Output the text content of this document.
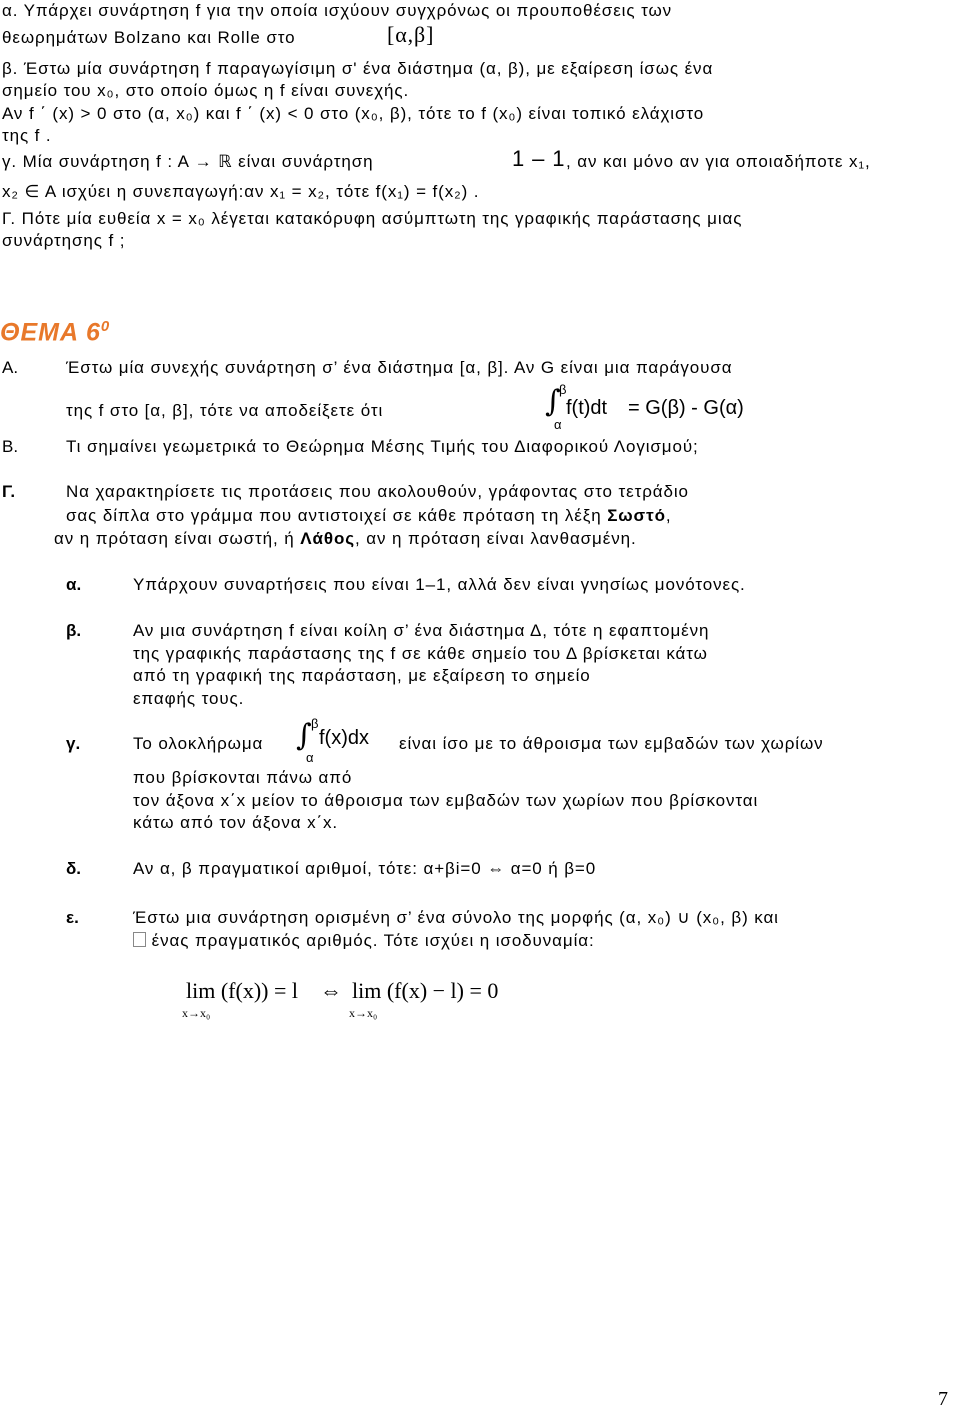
α. Υπάρχει συνάρτηση f για την οποία ισχύουν συγχρόνως οι προυποθέσεις των
θεωρημάτων Bolzano και Rolle στο	[α,β]
β. Έστω μία συνάρτηση f παραγωγίσιμη σ' ένα διάστημα (α, β), με εξαίρεση ίσως ένα
σημείο του x₀, στο οποίο όμως η f είναι συνεχής.
Αν f ΄ (x) > 0 στο (α, x₀) και f ΄ (x) < 0 στο (x₀, β), τότε το f (x₀) είναι τοπικό ελάχιστο
της f .
γ. Μία συνάρτηση f : A → ℝ είναι συνάρτηση	1 – 1 , αν και μόνο αν για οποιαδήποτε x₁,
x₂ ∈ A ισχύει η συνεπαγωγή:αν x₁ = x₂, τότε f(x₁) = f(x₂) .
Γ. Πότε μία ευθεία x = x₀ λέγεται κατακόρυφη ασύμπτωτη της γραφικής παράστασης μιας
συνάρτησης f ;
ΘΕΜΑ $6^0$
Α.	Έστω μία συνεχής συνάρτηση σ’ ένα διάστημα [α, β]. Αν G είναι μια παράγουσα
της f στο [α, β], τότε να αποδείξετε ότι	∫
β
α
f(t)dt = G(β) - G(α)
Β.	Τι σημαίνει γεωμετρικά το Θεώρημα Μέσης Τιμής του Διαφορικού Λογισμού;
Γ.	Να χαρακτηρίσετε τις προτάσεις που ακολουθούν, γράφοντας στο τετράδιο
σας δίπλα στο γράμμα που αντιστοιχεί σε κάθε πρόταση τη λέξη Σωστό,
αν η πρόταση είναι σωστή, ή Λάθος, αν η πρόταση είναι λανθασμένη.
α.	Υπάρχουν συναρτήσεις που είναι 1–1, αλλά δεν είναι γνησίως μονότονες.
β.	Αν μια συνάρτηση f είναι κοίλη σ’ ένα διάστημα Δ, τότε η εφαπτομένη
της γραφικής παράστασης της f σε κάθε σημείο του Δ βρίσκεται κάτω
από τη γραφική της παράσταση, με εξαίρεση το σημείο
επαφής τους.
γ.	Το ολοκλήρωμα ∫ β
α
f(x)dx είναι ίσο με το άθροισμα των εμβαδών των χωρίων
που βρίσκονται πάνω από
τον άξονα x΄x μείον το άθροισμα των εμβαδών των χωρίων που βρίσκονται
κάτω από τον άξονα x΄x.
δ.	Αν α, β πραγματικοί αριθμοί, τότε: α+βi=0 ⇔ α=0 ή β=0
ε.	Έστω μια συνάρτηση ορισμένη σ’ ένα σύνολο της μορφής (α, x₀) ∪ (x₀, β) και
ένας πραγματικός αριθμός. Τότε ισχύει η ισοδυναμία:
lim (f(x)) = l
x→x₀
⇔ lim (f(x) − l) = 0
x→x₀
7
